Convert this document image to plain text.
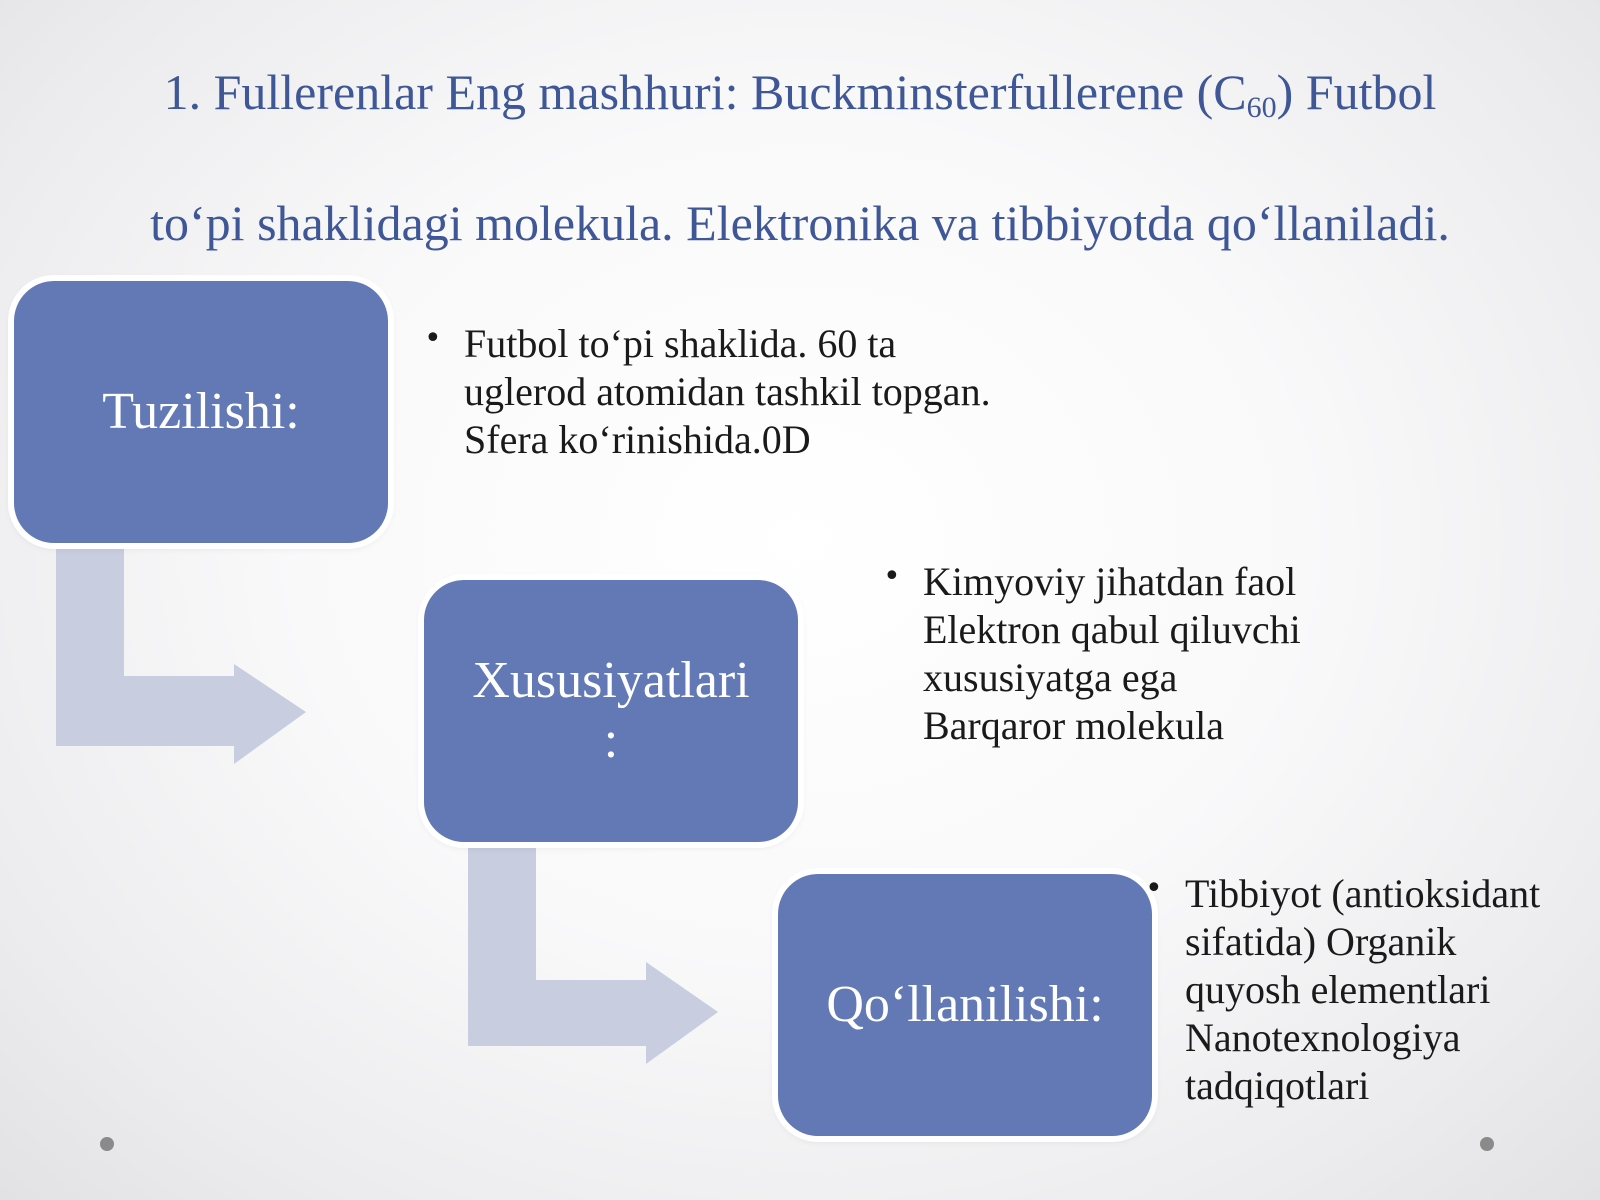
1. Fullerenlar Eng mashhuri: Buckminsterfullerene $(C_{60})$ Futbol
to‘pi shaklidagi molekula. Elektronika va tibbiyotda qo‘llaniladi.
Tuzilishi:
Xususiyatlari
:
Qo‘llanilishi:
• Futbol to‘pi shaklida. 60 ta
uglerod atomidan tashkil topgan.
Sfera ko‘rinishida.0D
• Kimyoviy jihatdan faol
Elektron qabul qiluvchi
xususiyatga ega
Barqaror molekula
• Tibbiyot (antioksidant
sifatida) Organik
quyosh elementlari
Nanotexnologiya
tadqiqotlari
